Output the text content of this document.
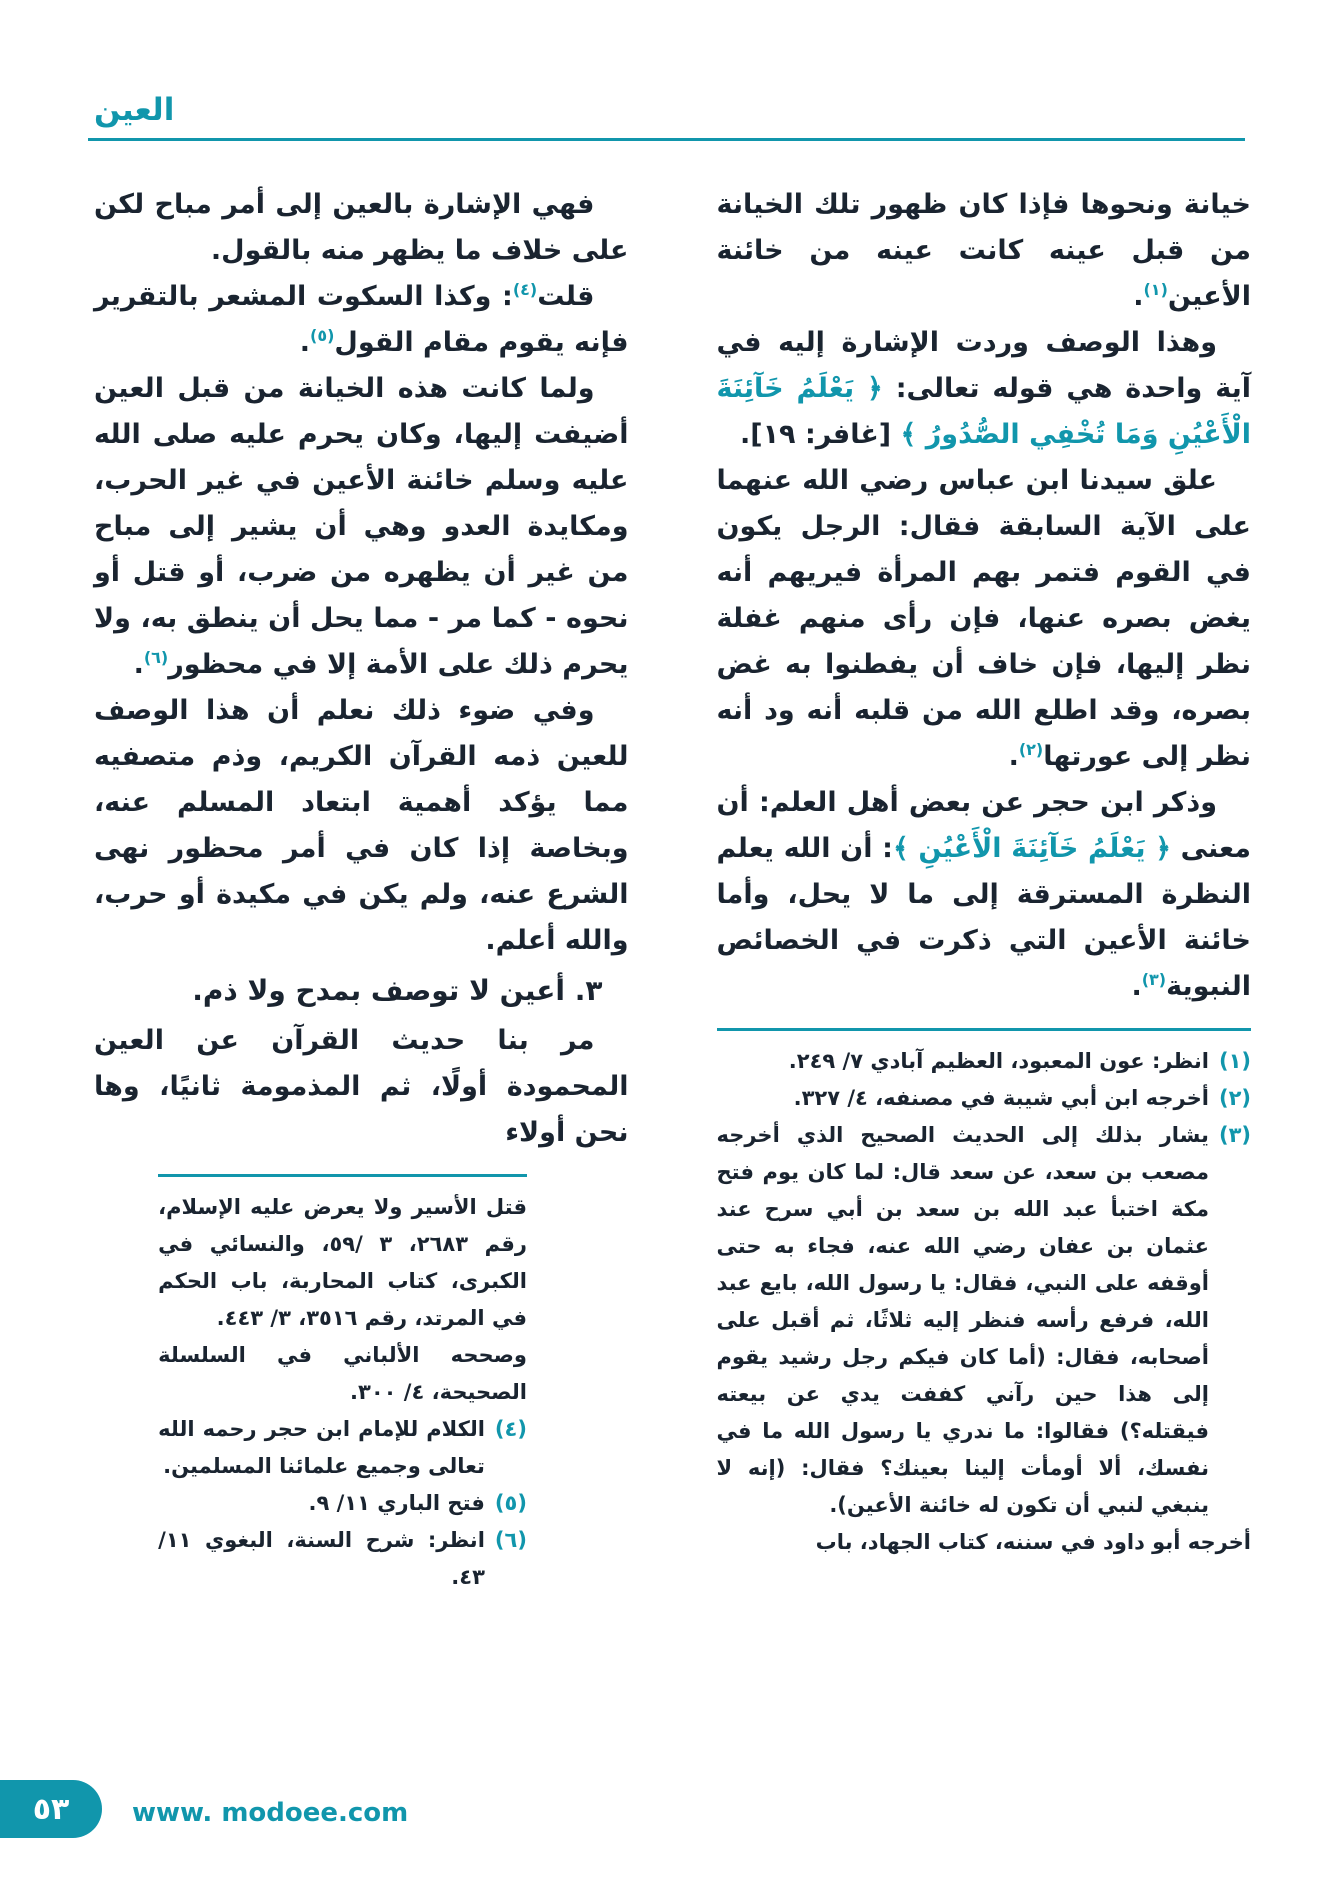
العين

خيانة ونحوها فإذا كان ظهور تلك الخيانة من قبل عينه كانت عينه من خائنة الأعين$^{(١)}$.

وهذا الوصف وردت الإشارة إليه في آية واحدة هي قوله تعالى: ﴿ يَعْلَمُ خَآئِنَةَ الْأَعْيُنِ وَمَا تُخْفِي الصُّدُورُ ﴾ [غافر: ١٩].

علق سيدنا ابن عباس رضي الله عنهما على الآية السابقة فقال: الرجل يكون في القوم فتمر بهم المرأة فيريهم أنه يغض بصره عنها، فإن رأى منهم غفلة نظر إليها، فإن خاف أن يفطنوا به غض بصره، وقد اطلع الله من قلبه أنه ود أنه نظر إلى عورتها$^{(٢)}$.

وذكر ابن حجر عن بعض أهل العلم: أن معنى ﴿ يَعْلَمُ خَآئِنَةَ الْأَعْيُنِ ﴾: أن الله يعلم النظرة المسترقة إلى ما لا يحل، وأما خائنة الأعين التي ذكرت في الخصائص النبوية$^{(٣)}$.

(١)
انظر: عون المعبود، العظيم آبادي ٧/ ٢٤٩.
(٢)
أخرجه ابن أبي شيبة في مصنفه، ٤/ ٣٢٧.
(٣)
يشار بذلك إلى الحديث الصحيح الذي أخرجه مصعب بن سعد، عن سعد قال: لما كان يوم فتح مكة اختبأ عبد الله بن سعد بن أبي سرح عند عثمان بن عفان رضي الله عنه، فجاء به حتى أوقفه على النبي، فقال: يا رسول الله، بايع عبد الله، فرفع رأسه فنظر إليه ثلاثًا، ثم أقبل على أصحابه، فقال: (أما كان فيكم رجل رشيد يقوم إلى هذا حين رآني كففت يدي عن بيعته فيقتله؟) فقالوا: ما ندري يا رسول الله ما في نفسك، ألا أومأت إلينا بعينك؟ فقال: (إنه لا ينبغي لنبي أن تكون له خائنة الأعين).
أخرجه أبو داود في سننه، كتاب الجهاد، باب

فهي الإشارة بالعين إلى أمر مباح لكن على خلاف ما يظهر منه بالقول.

قلت$^{(٤)}$: وكذا السكوت المشعر بالتقرير فإنه يقوم مقام القول$^{(٥)}$.

ولما كانت هذه الخيانة من قبل العين أضيفت إليها، وكان يحرم عليه صلى الله عليه وسلم خائنة الأعين في غير الحرب، ومكايدة العدو وهي أن يشير إلى مباح من غير أن يظهره من ضرب، أو قتل أو نحوه - كما مر - مما يحل أن ينطق به، ولا يحرم ذلك على الأمة إلا في محظور$^{(٦)}$.

وفي ضوء ذلك نعلم أن هذا الوصف للعين ذمه القرآن الكريم، وذم متصفيه مما يؤكد أهمية ابتعاد المسلم عنه، وبخاصة إذا كان في أمر محظور نهى الشرع عنه، ولم يكن في مكيدة أو حرب، والله أعلم.

٣. أعين لا توصف بمدح ولا ذم.

مر بنا حديث القرآن عن العين المحمودة أولًا، ثم المذمومة ثانيًا، وها نحن أولاء

قتل الأسير ولا يعرض عليه الإسلام، رقم ٢٦٨٣، ٣ /٥٩، والنسائي في الكبرى، كتاب المحاربة، باب الحكم في المرتد، رقم ٣٥١٦، ٣/ ٤٤٣.
وصححه الألباني في السلسلة الصحيحة، ٤/ ٣٠٠.
(٤)
الكلام للإمام ابن حجر رحمه الله تعالى وجميع علمائنا المسلمين.
(٥)
فتح الباري ١١/ ٩.
(٦)
انظر: شرح السنة، البغوي ١١/ ٤٣.
٥٣ www. modoee.com
